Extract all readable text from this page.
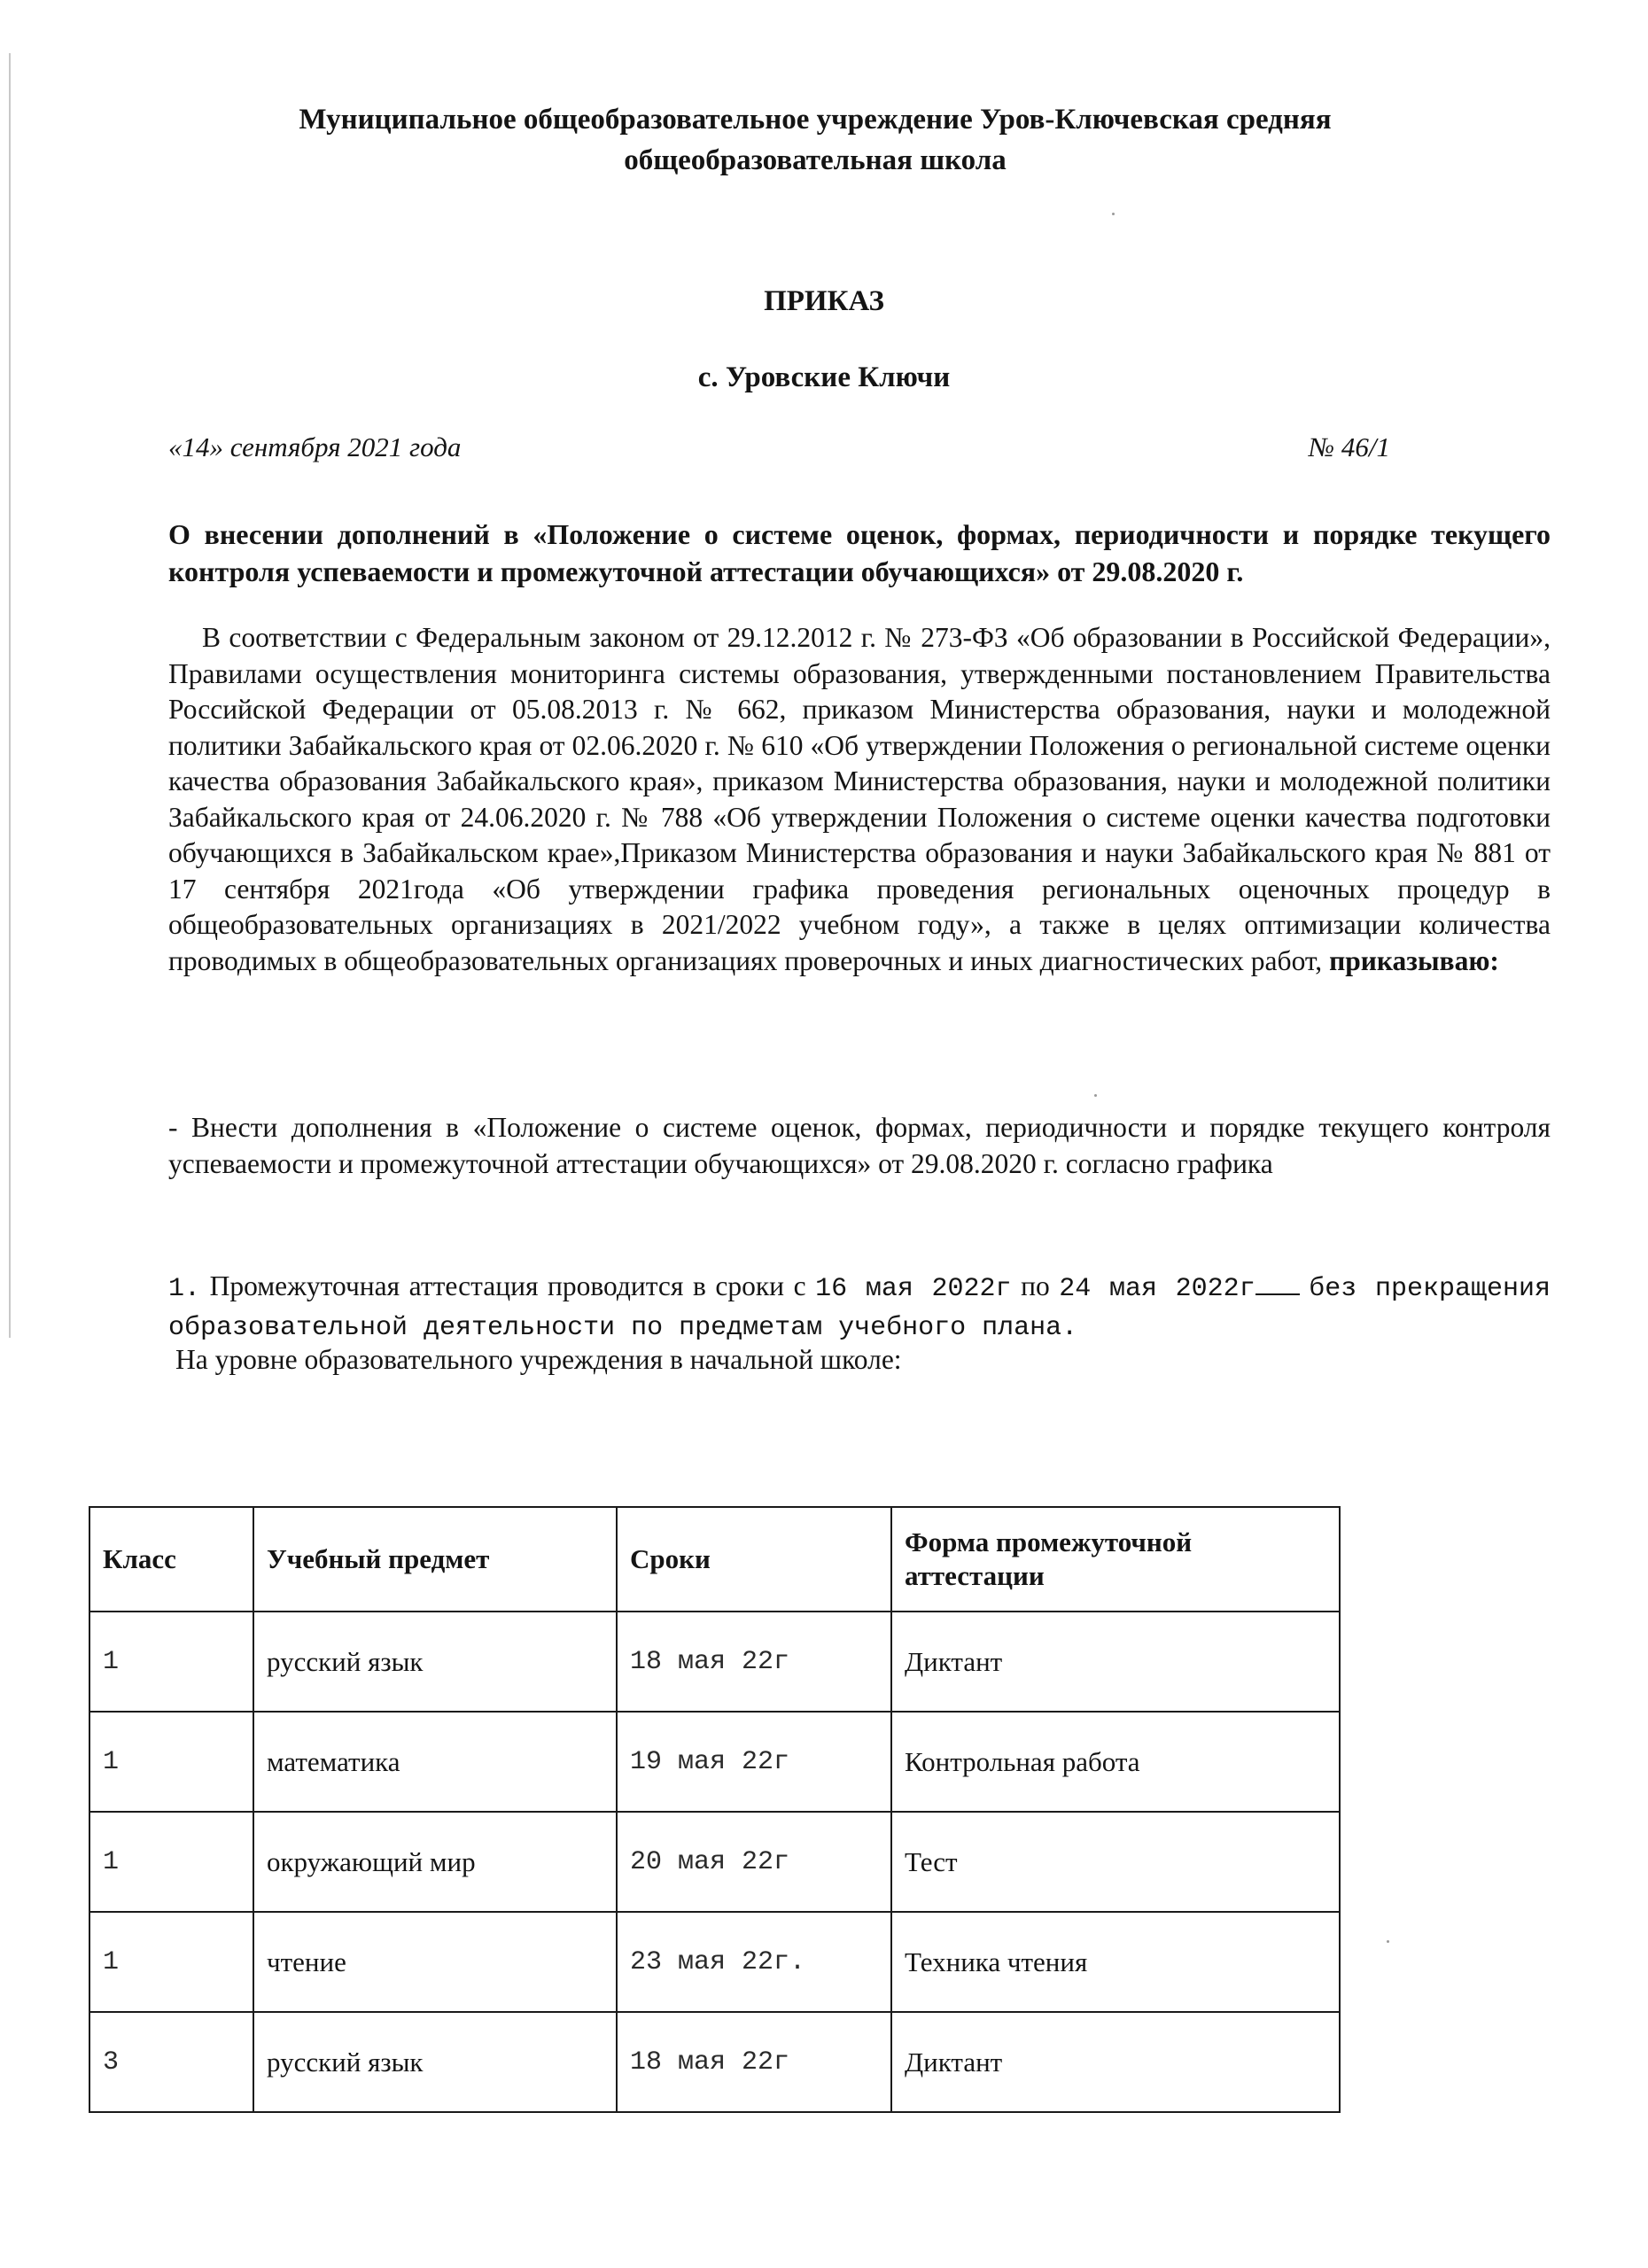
Муниципальное общеобразовательное учреждение Уров-Ключевская средняя
общеобразовательная школа
ПРИКАЗ
с. Уровские Ключи
«14» сентября 2021 года	№ 46/1
О внесении дополнений в «Положение о системе оценок, формах, периодичности и порядке текущего контроля успеваемости и промежуточной аттестации обучающихся» от 29.08.2020 г.
В соответствии с Федеральным законом от 29.12.2012 г. № 273-ФЗ «Об образовании в Российской Федерации», Правилами осуществления мониторинга системы образования, утвержденными постановлением Правительства Российской Федерации от 05.08.2013 г. № 662, приказом Министерства образования, науки и молодежной политики Забайкальского края от 02.06.2020 г. № 610 «Об утверждении Положения о региональной системе оценки качества образования Забайкальского края», приказом Министерства образования, науки и молодежной политики Забайкальского края от 24.06.2020 г. № 788 «Об утверждении Положения о системе оценки качества подготовки обучающихся в Забайкальском крае»,Приказом Министерства образования и науки Забайкальского края № 881 от 17 сентября 2021года «Об утверждении графика проведения региональных оценочных процедур в общеобразовательных организациях в 2021/2022 учебном году», а также в целях оптимизации количества проводимых в общеобразовательных организациях проверочных и иных диагностических работ, приказываю:
- Внести дополнения в «Положение о системе оценок, формах, периодичности и порядке текущего контроля успеваемости и промежуточной аттестации обучающихся» от 29.08.2020 г. согласно графика
1. Промежуточная аттестация проводится в сроки с 16 мая 2022г по 24 мая 2022г без прекращения образовательной деятельности по предметам учебного плана.
На уровне образовательного учреждения в начальной школе:
Класс	Учебный предмет	Сроки	Форма промежуточной аттестации
1	русский язык	18 мая 22г	Диктант
1	математика	19 мая 22г	Контрольная работа
1	окружающий мир	20 мая 22г	Тест
1	чтение	23 мая 22г.	Техника чтения
3	русский язык	18 мая 22г	Диктант
